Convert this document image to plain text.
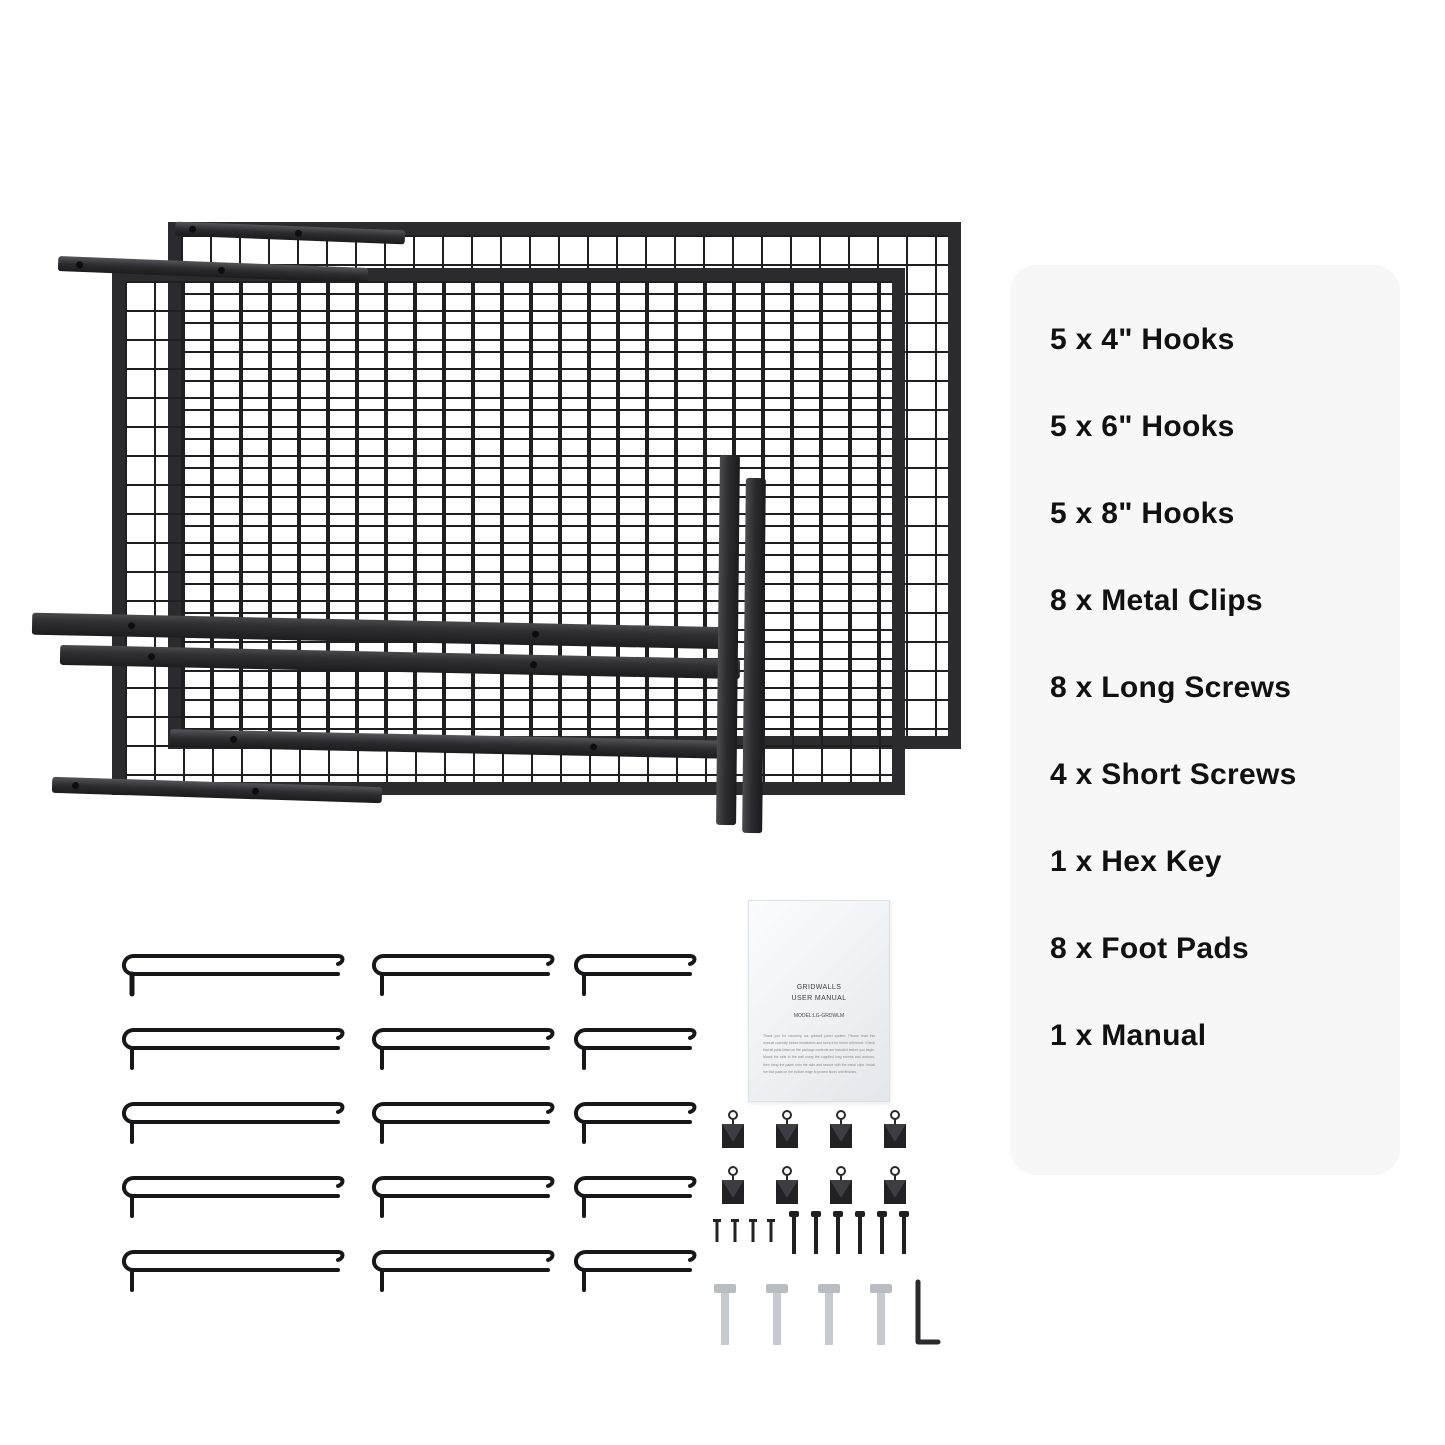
GRIDWALLS
USER MANUAL
MODEL:LG-GRDWLM
Thank you for choosing our gridwall panel system. Please read this manual carefully before installation and keep it for future reference. Check that all parts listed on the package contents are included before you begin. Mount the rails to the wall using the supplied long screws and anchors, then hang the panel onto the rails and secure with the metal clips. Install the foot pads on the bottom edge to protect floors and finishes.
5 x 4" Hooks
5 x 6" Hooks
5 x 8" Hooks
8 x Metal Clips
8 x Long Screws
4 x Short Screws
1 x Hex Key
8 x Foot Pads
1 x Manual
